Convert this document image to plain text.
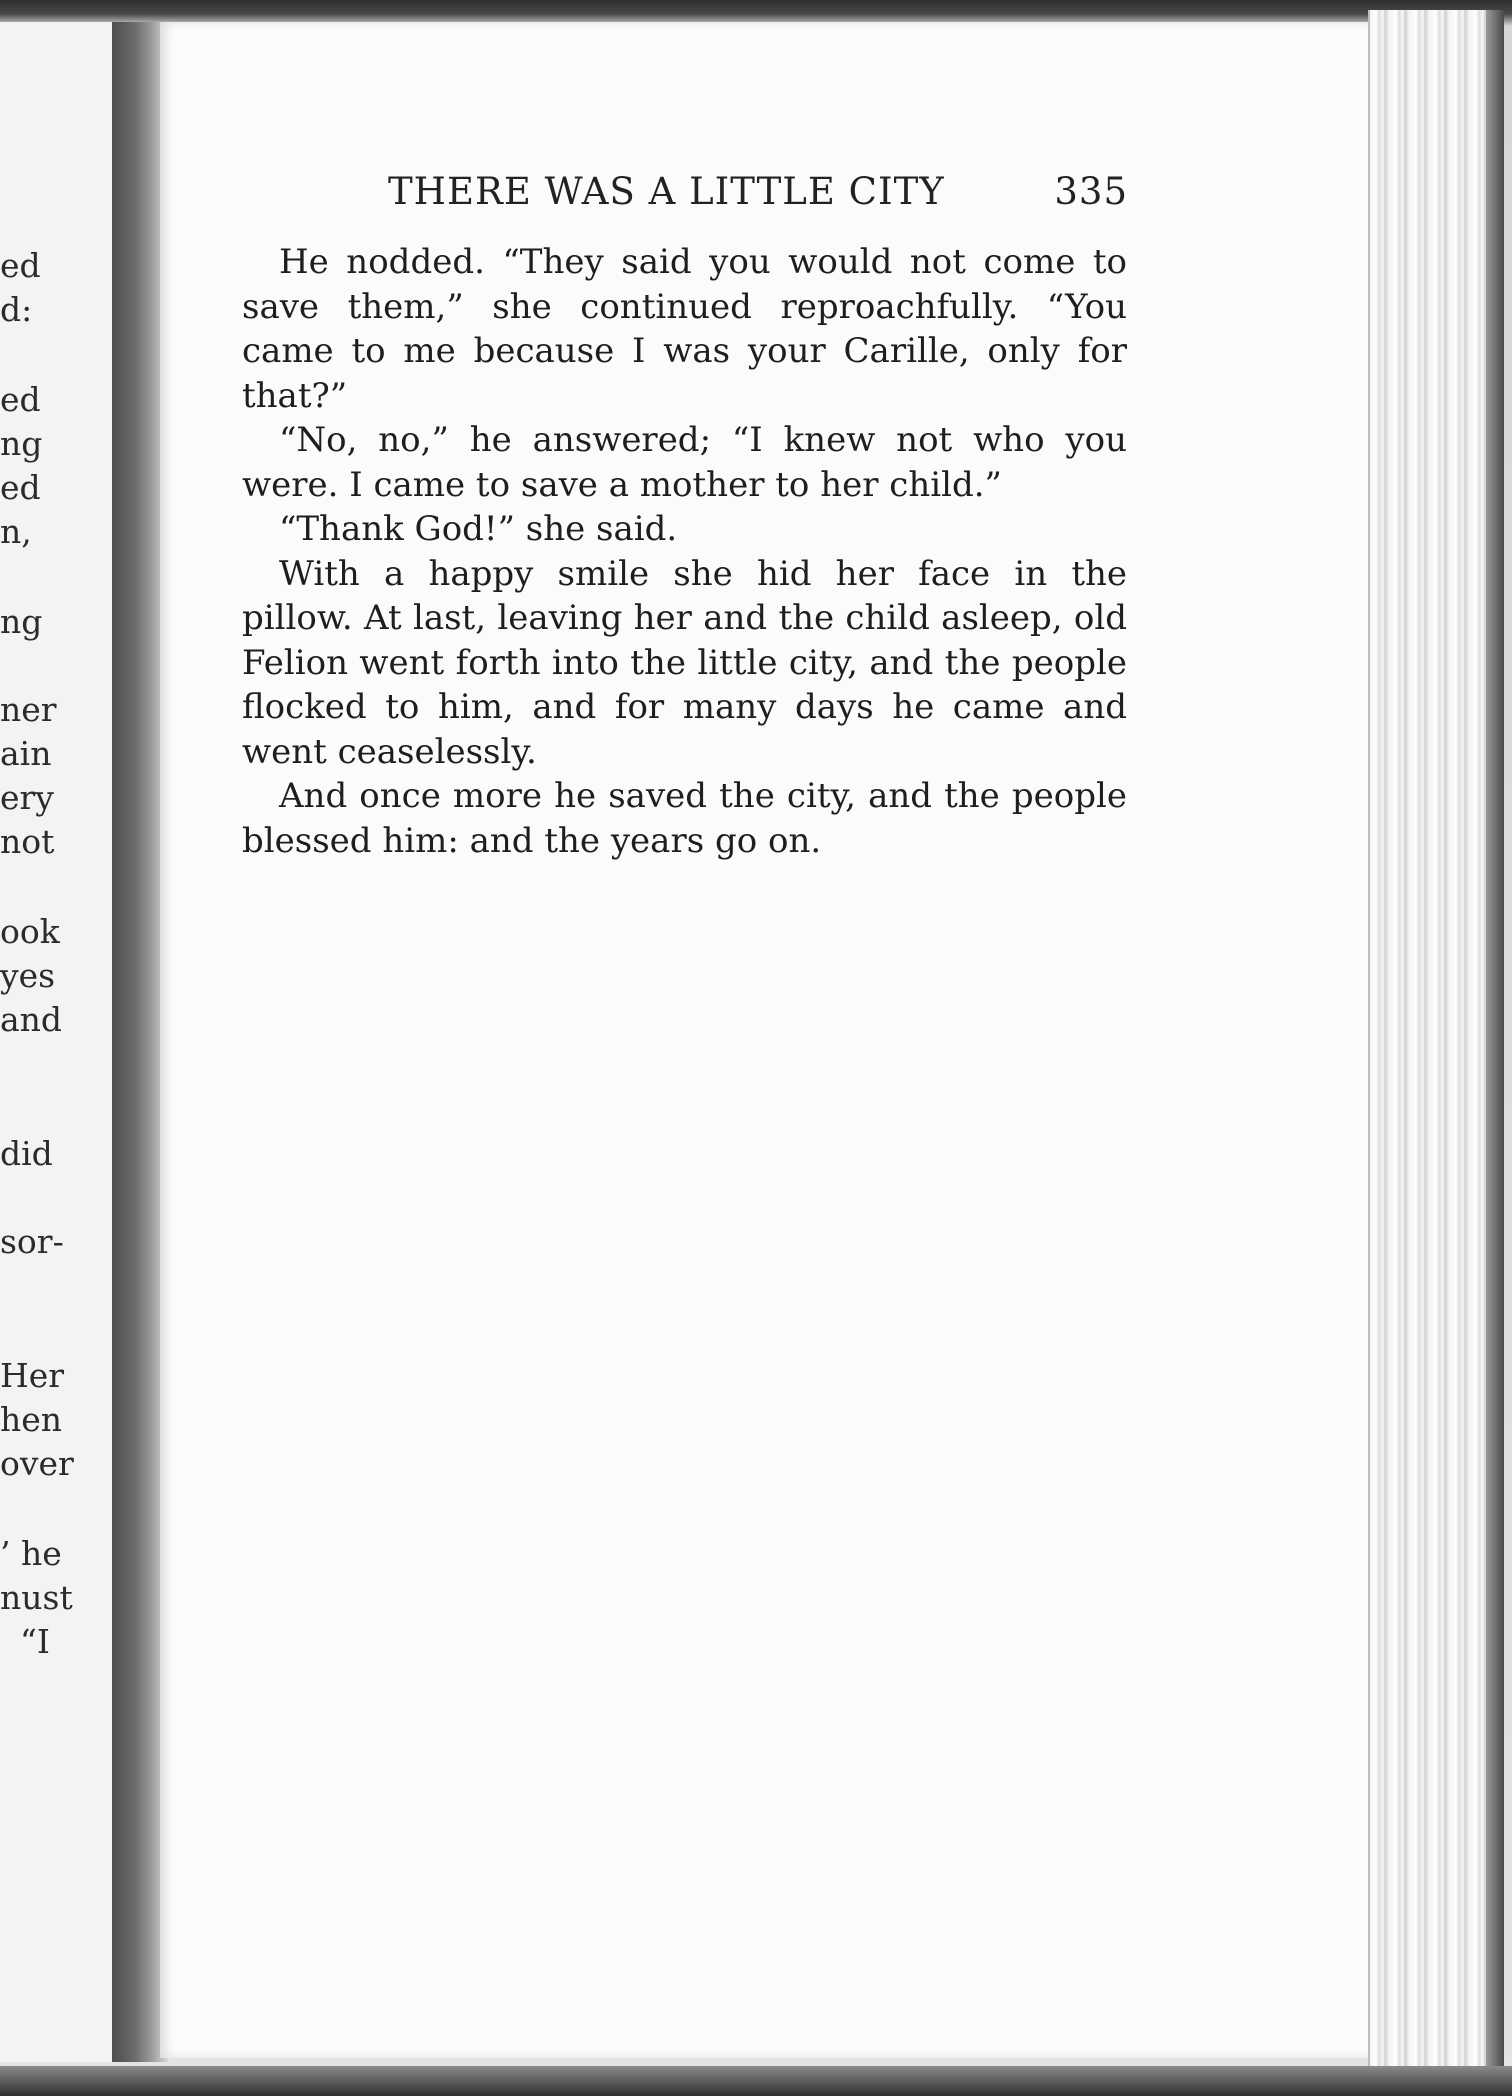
ed
d:
ed
ng
ed
n,
ng
ner
ain
ery
not
ook
yes
and
did
sor-
Her
hen
over
’ he
nust
“I
THERE WAS A LITTLE CITY	335

He nodded. “They said you would not come to save them,” she continued reproachfully. “You came to me because I was your Carille, only for that?”

“No, no,” he answered; “I knew not who you were. I came to save a mother to her child.”

“Thank God!” she said.

With a happy smile she hid her face in the pillow. At last, leaving her and the child asleep, old Felion went forth into the little city, and the people flocked to him, and for many days he came and went ceaselessly.

And once more he saved the city, and the people blessed him: and the years go on.
